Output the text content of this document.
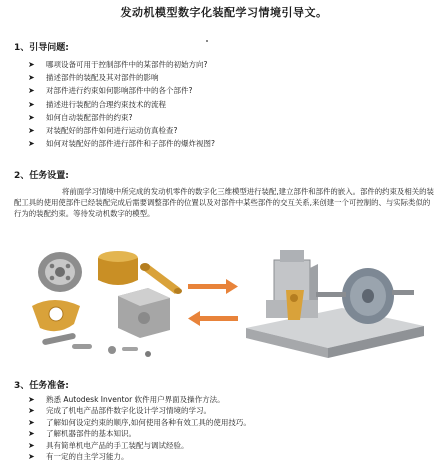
发动机模型数字化装配学习情境引导文。
1、引导问题:
➤ 哪项设备可用于控制部件中的某部件的初始方向?
➤ 描述部件的装配及其对部件的影响
➤ 对部件进行约束如何影响部件中的各个部件?
➤ 描述进行装配的合理约束技术的流程
➤ 如何自动装配部件的约束?
➤ 对装配好的部件如何进行运动仿真检查?
➤ 如何对装配好的部件进行部件和子部件的爆炸视图?
2、任务设置:
将前面学习情境中所完成的发动机零件的数字化三维模型进行装配,建立部件和部件的嵌入。部件的约束及相关的装配工具的使用使部件已经装配完成后需要调整部件的位置以及对部件中某些部件的交互关系,来创建一个可控制的、与实际类似的行为的装配约束。等待发动机数字的模型。
3、任务准备:
➤ 熟悉 Autodesk Inventor 软件用户界面及操作方法。
➤ 完成了机电产品部件数字化设计学习情境的学习。
➤ 了解如何设定约束的顺序,如何使用各种有效工具的使用技巧。
➤ 了解机器部件的基本知识。
➤ 具有简单机电产品的手工装配与调试经验。
➤ 有一定的自主学习能力。
